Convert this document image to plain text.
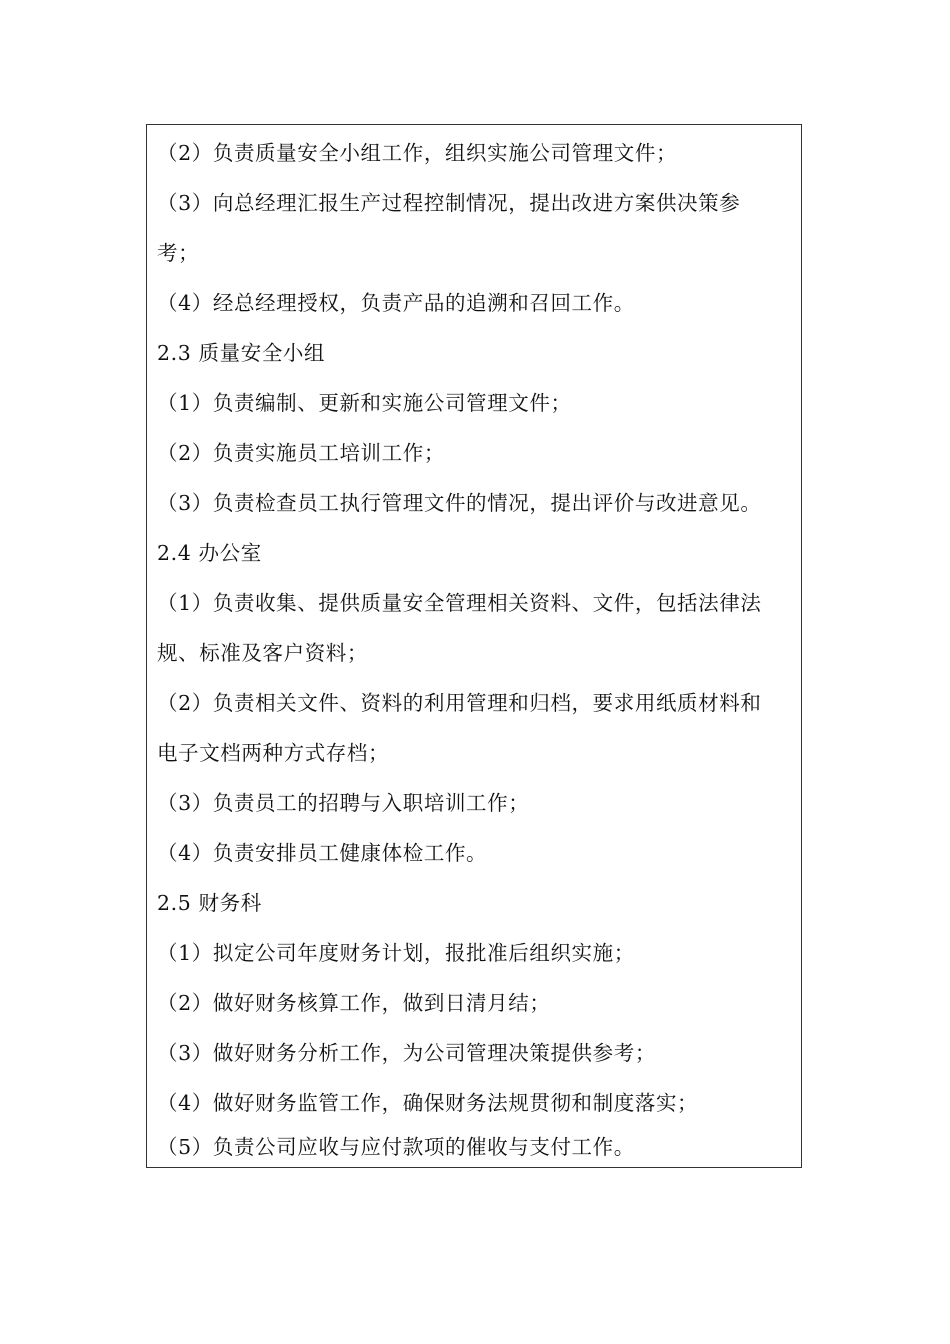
（2）负责质量安全小组工作，组织实施公司管理文件；
（3）向总经理汇报生产过程控制情况，提出改进方案供决策参
考；
（4）经总经理授权，负责产品的追溯和召回工作。
2.3 质量安全小组
（1）负责编制、更新和实施公司管理文件；
（2）负责实施员工培训工作；
（3）负责检查员工执行管理文件的情况，提出评价与改进意见。
2.4 办公室
（1）负责收集、提供质量安全管理相关资料、文件，包括法律法
规、标准及客户资料；
（2）负责相关文件、资料的利用管理和归档，要求用纸质材料和
电子文档两种方式存档；
（3）负责员工的招聘与入职培训工作；
（4）负责安排员工健康体检工作。
2.5 财务科
（1）拟定公司年度财务计划，报批准后组织实施；
（2）做好财务核算工作，做到日清月结；
（3）做好财务分析工作，为公司管理决策提供参考；
（4）做好财务监管工作，确保财务法规贯彻和制度落实；
（5）负责公司应收与应付款项的催收与支付工作。
